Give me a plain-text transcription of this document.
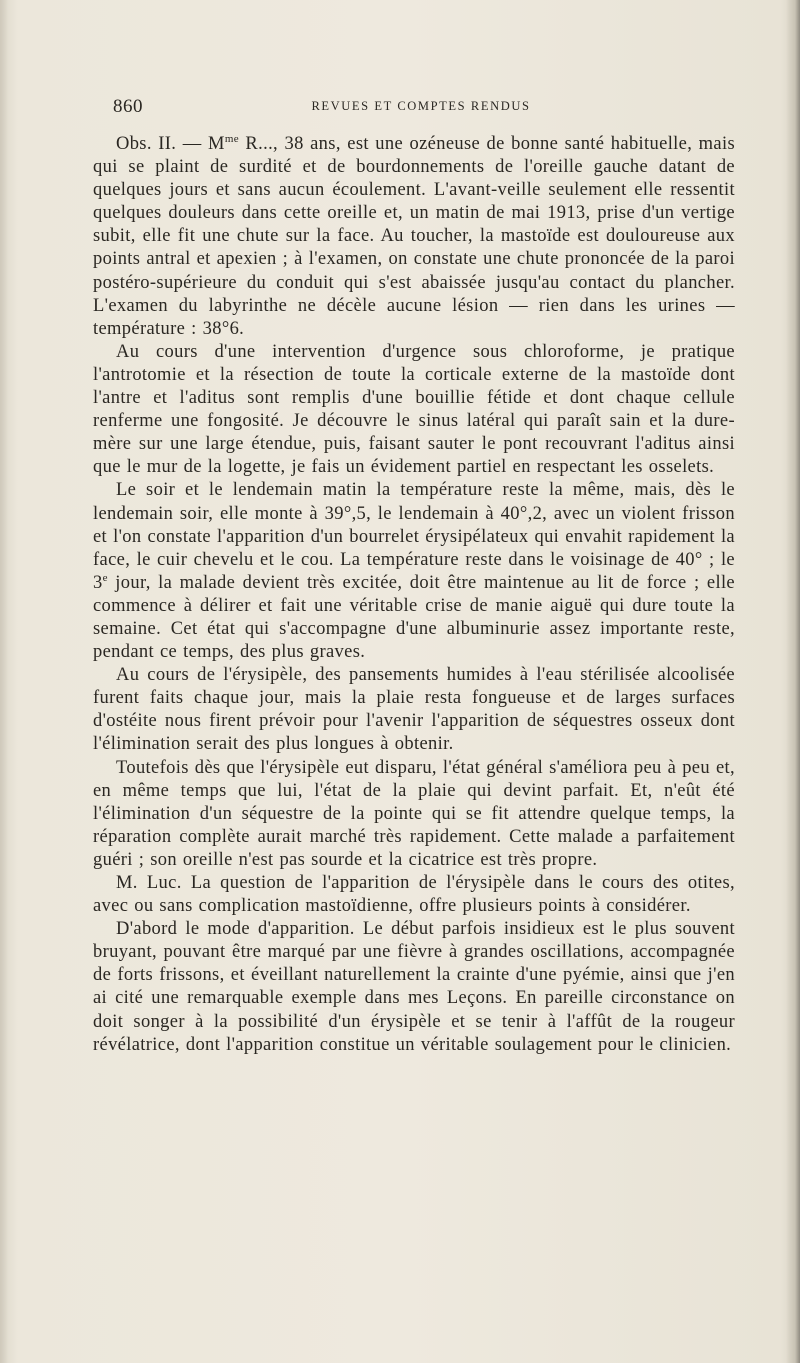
860	REVUES ET COMPTES RENDUS

Obs. II. — $M^{me}$ R..., 38 ans, est une ozéneuse de bonne santé habituelle, mais qui se plaint de surdité et de bourdonnements de l'oreille gauche datant de quelques jours et sans aucun écoulement. L'avant-veille seulement elle ressentit quelques douleurs dans cette oreille et, un matin de mai 1913, prise d'un vertige subit, elle fit une chute sur la face. Au toucher, la mastoïde est douloureuse aux points antral et apexien ; à l'examen, on constate une chute prononcée de la paroi postéro-supérieure du conduit qui s'est abaissée jusqu'au contact du plancher. L'examen du labyrinthe ne décèle aucune lésion — rien dans les urines — température : 38°6.

Au cours d'une intervention d'urgence sous chloroforme, je pratique l'antrotomie et la résection de toute la corticale externe de la mastoïde dont l'antre et l'aditus sont remplis d'une bouillie fétide et dont chaque cellule renferme une fongosité. Je découvre le sinus latéral qui paraît sain et la dure-mère sur une large étendue, puis, faisant sauter le pont recouvrant l'aditus ainsi que le mur de la logette, je fais un évidement partiel en respectant les osselets.

Le soir et le lendemain matin la température reste la même, mais, dès le lendemain soir, elle monte à 39°,5, le lendemain à 40°,2, avec un violent frisson et l'on constate l'apparition d'un bourrelet érysipélateux qui envahit rapidement la face, le cuir chevelu et le cou. La température reste dans le voisinage de 40° ; le 3e jour, la malade devient très excitée, doit être maintenue au lit de force ; elle commence à délirer et fait une véritable crise de manie aiguë qui dure toute la semaine. Cet état qui s'accompagne d'une albuminurie assez importante reste, pendant ce temps, des plus graves.

Au cours de l'érysipèle, des pansements humides à l'eau stérilisée alcoolisée furent faits chaque jour, mais la plaie resta fongueuse et de larges surfaces d'ostéite nous firent prévoir pour l'avenir l'apparition de séquestres osseux dont l'élimination serait des plus longues à obtenir.

Toutefois dès que l'érysipèle eut disparu, l'état général s'améliora peu à peu et, en même temps que lui, l'état de la plaie qui devint parfait. Et, n'eût été l'élimination d'un séquestre de la pointe qui se fit attendre quelque temps, la réparation complète aurait marché très rapidement. Cette malade a parfaitement guéri ; son oreille n'est pas sourde et la cicatrice est très propre.

M. Luc. La question de l'apparition de l'érysipèle dans le cours des otites, avec ou sans complication mastoïdienne, offre plusieurs points à considérer.

D'abord le mode d'apparition. Le début parfois insidieux est le plus souvent bruyant, pouvant être marqué par une fièvre à grandes oscillations, accompagnée de forts frissons, et éveillant naturellement la crainte d'une pyémie, ainsi que j'en ai cité une remarquable exemple dans mes Leçons. En pareille circonstance on doit songer à la possibilité d'un érysipèle et se tenir à l'affût de la rougeur révélatrice, dont l'apparition constitue un véritable soulagement pour le clinicien.
